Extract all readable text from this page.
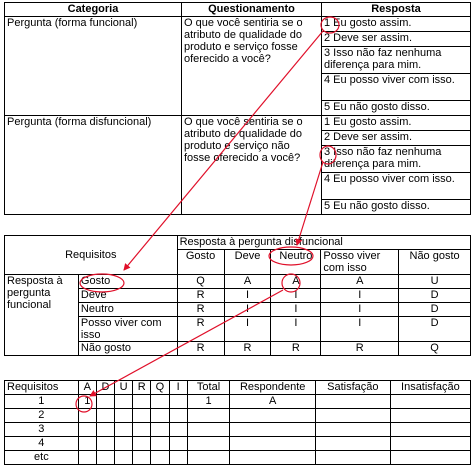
Categoria	Questionamento	Resposta
Pergunta (forma funcional)	O que você sentiria se o atributo de qualidade do produto e serviço fosse oferecido a você?	1 Eu gosto assim.
		2 Deve ser assim.
		3 Isso não faz nenhuma diferença para mim.
		4 Eu posso viver com isso.
		5 Eu não gosto disso.
Pergunta (forma disfuncional)	O que você sentiria se o atributo de qualidade do produto e serviço não fosse oferecido a você?	1 Eu gosto assim.
		2 Deve ser assim.
		3 Isso não faz nenhuma diferença para mim.
		4 Eu posso viver com isso.
		5 Eu não gosto disso.
Requisitos		Resposta à pergunta disfuncional				
		Gosto	Deve	Neutro	Posso viver com isso	Não gosto
Resposta à pergunta funcional	Gosto	Q	A	A	A	U
	Deve	R	I	I	I	D
	Neutro	R	I	I	I	D
	Posso viver com isso	R	I	I	I	D
	Não gosto	R	R	R	R	Q
Requisitos	A	D	U	R	Q	I	Total	Respondente	Satisfação	Insatisfação
1	1						1	A		
2										
3										
4										
etc										
